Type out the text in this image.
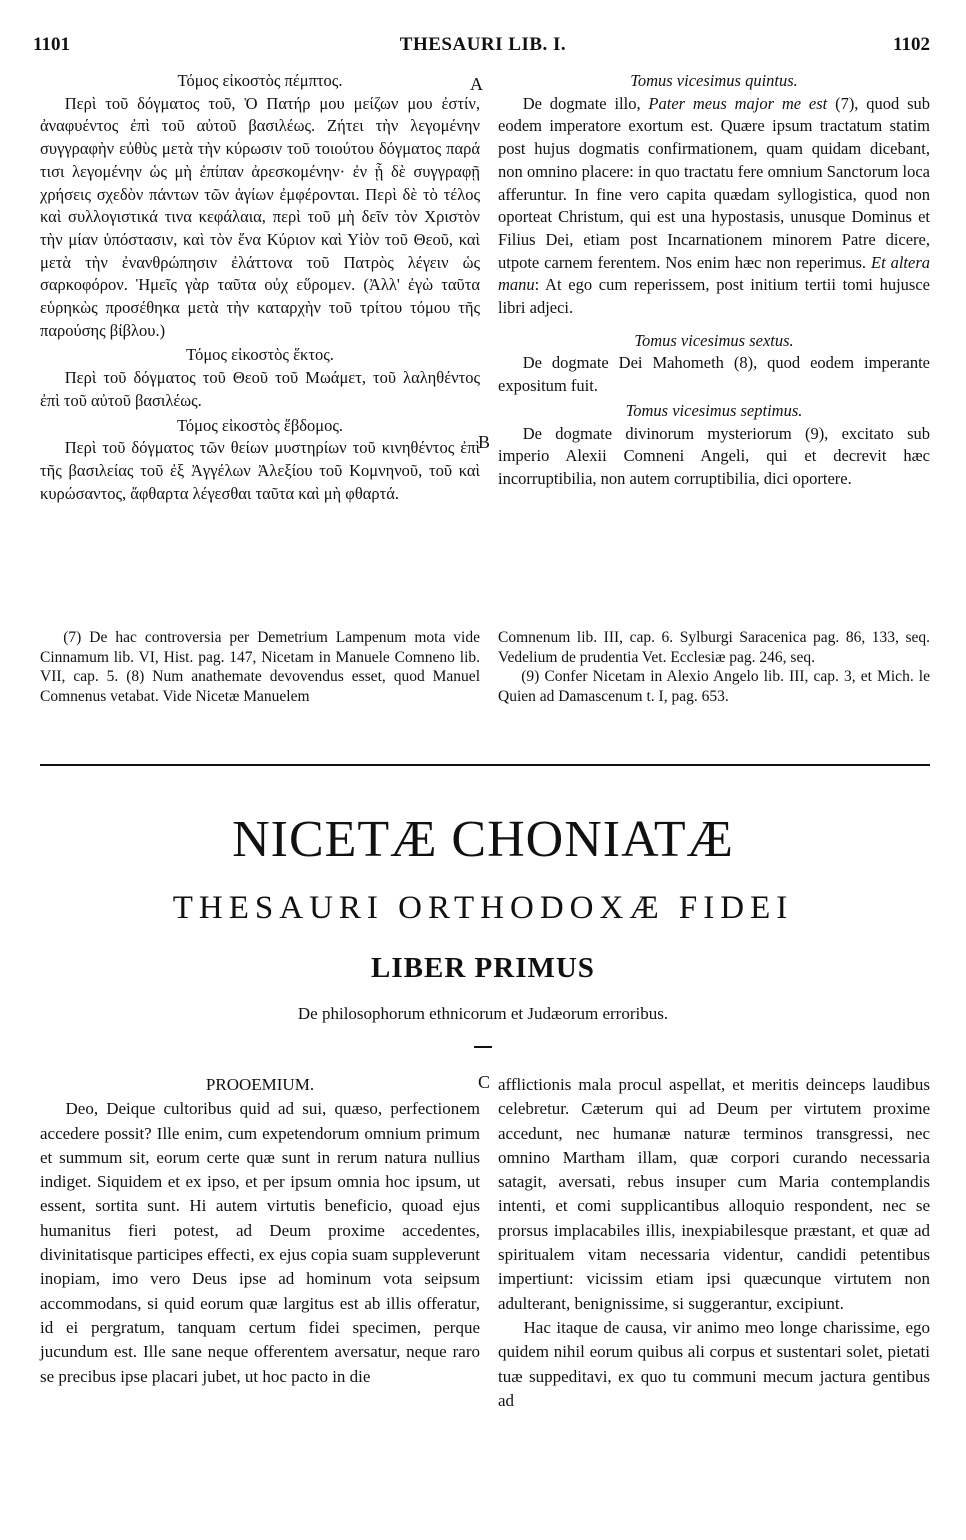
1101	THESAURI LIB. I.	1102
A
B
C

Τόμος εἰκοστὸς πέμπτος.

Περὶ τοῦ δόγματος τοῦ, Ὁ Πατήρ μου μείζων μου ἐστίν, ἀναφυέντος ἐπὶ τοῦ αὐτοῦ βασιλέως. Ζήτει τὴν λεγομένην συγγραφὴν εὐθὺς μετὰ τὴν κύρωσιν τοῦ τοιούτου δόγματος παρά τισι λεγομένην ὡς μὴ ἐπίπαν ἀρεσκομένην· ἐν ᾗ δὲ συγγραφῇ χρήσεις σχεδὸν πάντων τῶν ἁγίων ἐμφέρονται. Περὶ δὲ τὸ τέλος καὶ συλλογιστικά τινα κεφάλαια, περὶ τοῦ μὴ δεῖν τὸν Χριστὸν τὴν μίαν ὑπόστασιν, καὶ τὸν ἕνα Κύριον καὶ Υἱὸν τοῦ Θεοῦ, καὶ μετὰ τὴν ἐνανθρώπησιν ἐλάττονα τοῦ Πατρὸς λέγειν ὡς σαρκοφόρον. Ἡμεῖς γὰρ ταῦτα οὐχ εὕρομεν. (Ἀλλ' ἐγὼ ταῦτα εὑρηκὼς προσέθηκα μετὰ τὴν καταρχὴν τοῦ τρίτου τόμου τῆς παρούσης βίβλου.)

Τόμος εἰκοστὸς ἕκτος.

Περὶ τοῦ δόγματος τοῦ Θεοῦ τοῦ Μωάμετ, τοῦ λαληθέντος ἐπὶ τοῦ αὐτοῦ βασιλέως.

Τόμος εἰκοστὸς ἕβδομος.

Περὶ τοῦ δόγματος τῶν θείων μυστηρίων τοῦ κινηθέντος ἐπὶ τῆς βασιλείας τοῦ ἐξ Ἀγγέλων Ἀλεξίου τοῦ Κομνηνοῦ, τοῦ καὶ κυρώσαντος, ἄφθαρτα λέγεσθαι ταῦτα καὶ μὴ φθαρτά.

Tomus vicesimus quintus.

De dogmate illo, Pater meus major me est (7), quod sub eodem imperatore exortum est. Quære ipsum tractatum statim post hujus dogmatis confirmationem, quam quidam dicebant, non omnino placere: in quo tractatu fere omnium Sanctorum loca afferuntur. In fine vero capita quædam syllogistica, quod non oporteat Christum, qui est una hypostasis, unusque Dominus et Filius Dei, etiam post Incarnationem minorem Patre dicere, utpote carnem ferentem. Nos enim hæc non reperimus. Et altera manu: At ego cum reperissem, post initium tertii tomi hujusce libri adjeci.

Tomus vicesimus sextus.

De dogmate Dei Mahometh (8), quod eodem imperante expositum fuit.

Tomus vicesimus septimus.

De dogmate divinorum mysteriorum (9), excitato sub imperio Alexii Comneni Angeli, qui et decrevit hæc incorruptibilia, non autem corruptibilia, dici oportere.

(7) De hac controversia per Demetrium Lampenum mota vide Cinnamum lib. VI, Hist. pag. 147, Nicetam in Manuele Comneno lib. VII, cap. 5. (8) Num anathemate devovendus esset, quod Manuel Comnenus vetabat. Vide Nicetæ Manuelem

Comnenum lib. III, cap. 6. Sylburgi Saracenica pag. 86, 133, seq. Vedelium de prudentia Vet. Ecclesiæ pag. 246, seq.

(9) Confer Nicetam in Alexio Angelo lib. III, cap. 3, et Mich. le Quien ad Damascenum t. I, pag. 653.

NICETÆ CHONIATÆ
THESAURI ORTHODOXÆ FIDEI
LIBER PRIMUS
De philosophorum ethnicorum et Judæorum erroribus.

PROOEMIUM.

Deo, Deique cultoribus quid ad sui, quæso, perfectionem accedere possit? Ille enim, cum expetendorum omnium primum et summum sit, eorum certe quæ sunt in rerum natura nullius indiget. Siquidem et ex ipso, et per ipsum omnia hoc ipsum, ut essent, sortita sunt. Hi autem virtutis beneficio, quoad ejus humanitus fieri potest, ad Deum proxime accedentes, divinitatisque participes effecti, ex ejus copia suam suppleverunt inopiam, imo vero Deus ipse ad hominum vota seipsum accommodans, si quid eorum quæ largitus est ab illis offeratur, id ei pergratum, tanquam certum fidei specimen, perque jucundum est. Ille sane neque offerentem aversatur, neque raro se precibus ipse placari jubet, ut hoc pacto in die

afflictionis mala procul aspellat, et meritis deinceps laudibus celebretur. Cæterum qui ad Deum per virtutem proxime accedunt, nec humanæ naturæ terminos transgressi, nec omnino Martham illam, quæ corpori curando necessaria satagit, aversati, rebus insuper cum Maria contemplandis intenti, et comi supplicantibus alloquio respondent, nec se prorsus implacabiles illis, inexpiabilesque præstant, et quæ ad spiritualem vitam necessaria videntur, candidi petentibus impertiunt: vicissim etiam ipsi quæcunque virtutem non adulterant, benignissime, si suggerantur, excipiunt.

Hac itaque de causa, vir animo meo longe charissime, ego quidem nihil eorum quibus ali corpus et sustentari solet, pietati tuæ suppeditavi, ex quo tu communi mecum jactura gentibus ad
